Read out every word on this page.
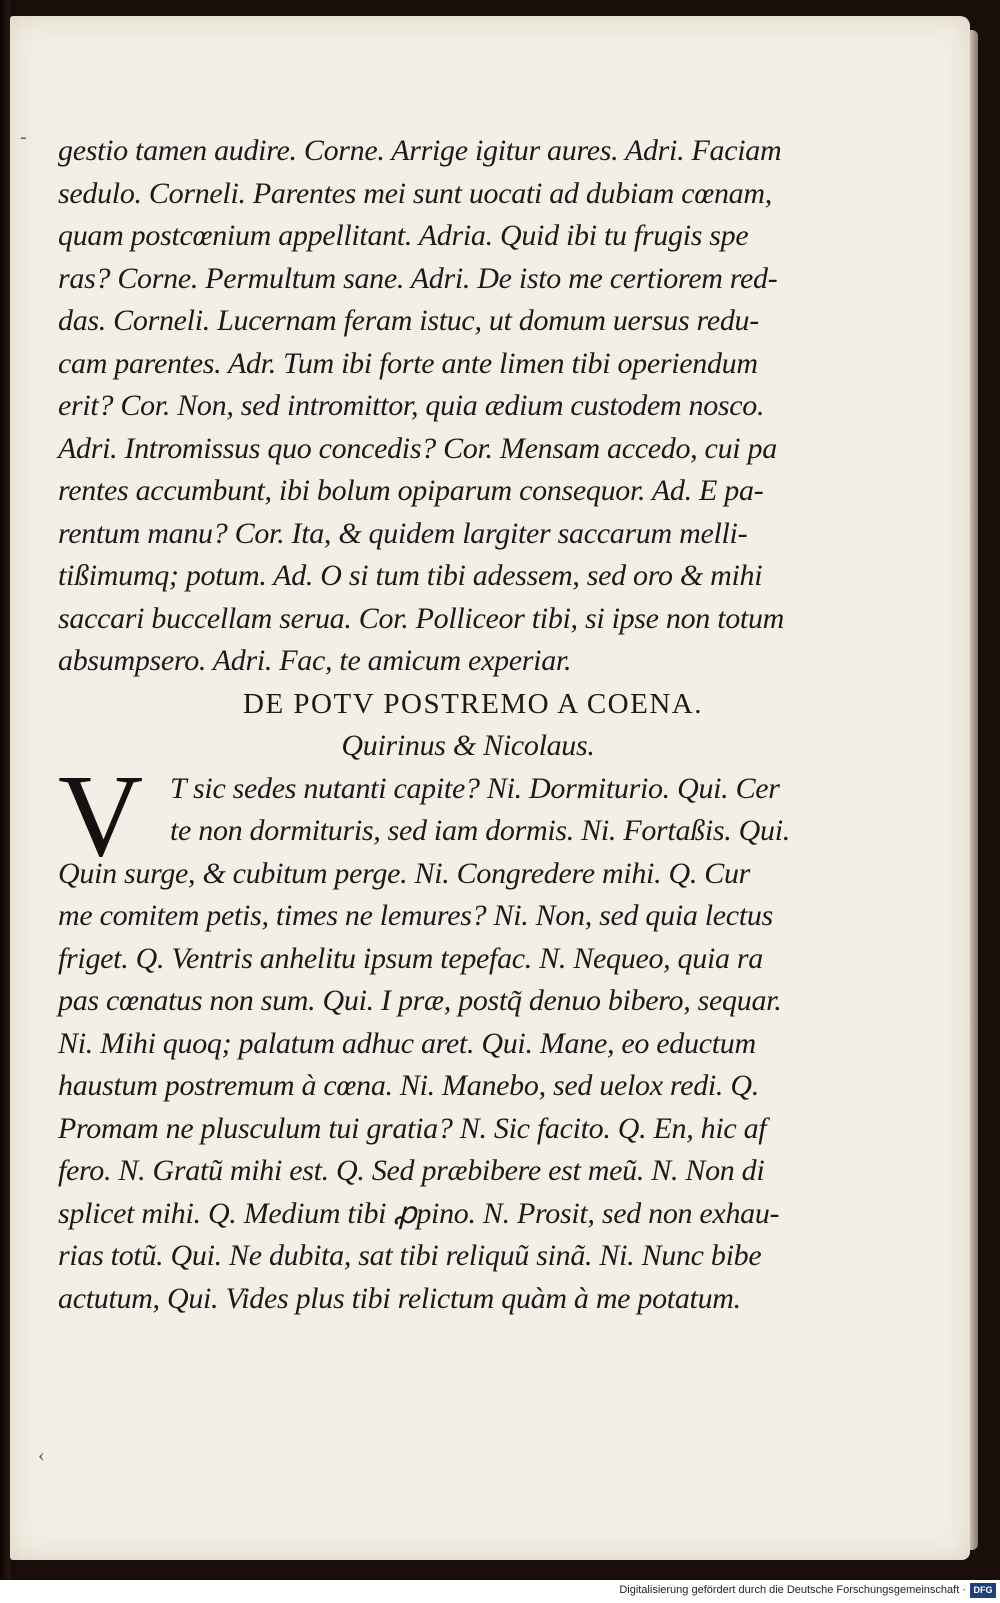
-
‹
gestio tamen audire. Corne. Arrige igitur aures. Adri. Faciam
sedulo. Corneli. Parentes mei sunt uocati ad dubiam cœnam,
quam postcœnium appellitant. Adria. Quid ibi tu frugis spe
ras? Corne. Permultum sane. Adri. De isto me certiorem red-
das. Corneli. Lucernam feram istuc, ut domum uersus redu-
cam parentes. Adr. Tum ibi forte ante limen tibi operiendum
erit? Cor. Non, sed intromittor, quia ædium custodem nosco.
Adri. Intromissus quo concedis? Cor. Mensam accedo, cui pa
rentes accumbunt, ibi bolum opiparum consequor. Ad. E pa-
rentum manu? Cor. Ita, & quidem largiter saccarum melli-
tißimumq; potum. Ad. O si tum tibi adessem, sed oro & mihi
saccari buccellam serua. Cor. Polliceor tibi, si ipse non totum
absumpsero. Adri. Fac, te amicum experiar.
DE POTV POSTREMO A COENA.
Quirinus & Nicolaus.
V T sic sedes nutanti capite? Ni. Dormiturio. Qui. Cer
te non dormituris, sed iam dormis. Ni. Fortaßis. Qui.
Quin surge, & cubitum perge. Ni. Congredere mihi. Q. Cur
me comitem petis, times ne lemures? Ni. Non, sed quia lectus
friget. Q. Ventris anhelitu ipsum tepefac. N. Nequeo, quia ra
pas cœnatus non sum. Qui. I præ, postq̃ denuo bibero, sequar.
Ni. Mihi quoq; palatum adhuc aret. Qui. Mane, eo eductum
haustum postremum à cœna. Ni. Manebo, sed uelox redi. Q.
Promam ne plusculum tui gratia? N. Sic facito. Q. En, hic af
fero. N. Gratũ mihi est. Q. Sed præbibere est meũ. N. Non di
splicet mihi. Q. Medium tibi ꝓpino. N. Prosit, sed non exhau-
rias totũ. Qui. Ne dubita, sat tibi reliquũ sinã. Ni. Nunc bibe
actutum, Qui. Vides plus tibi relictum quàm à me potatum.
Digitalisierung gefördert durch die Deutsche Forschungsgemeinschaft · DFG
